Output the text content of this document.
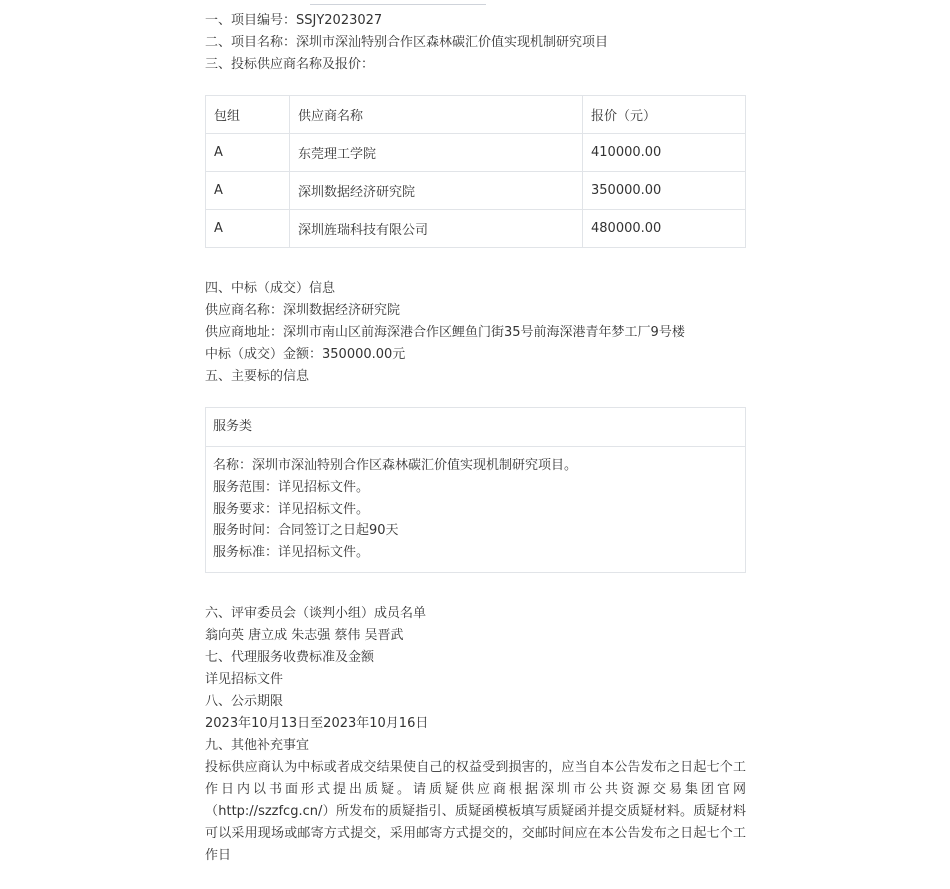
一、项目编号：SSJY2023027
二、项目名称：深圳市深汕特别合作区森林碳汇价值实现机制研究项目
三、投标供应商名称及报价：
包组	供应商名称	报价（元）
A	东莞理工学院	410000.00
A	深圳数据经济研究院	350000.00
A	深圳旌瑞科技有限公司	480000.00
四、中标（成交）信息
供应商名称：深圳数据经济研究院
供应商地址：深圳市南山区前海深港合作区鲤鱼门街35号前海深港青年梦工厂9号楼
中标（成交）金额：350000.00元
五、主要标的信息
服务类
名称：深圳市深汕特别合作区森林碳汇价值实现机制研究项目。
服务范围：详见招标文件。
服务要求：详见招标文件。
服务时间：合同签订之日起90天
服务标准：详见招标文件。
六、评审委员会（谈判小组）成员名单
翁向英 唐立成 朱志强 蔡伟 吴晋武
七、代理服务收费标准及金额
详见招标文件
八、公示期限
2023年10月13日至2023年10月16日
九、其他补充事宜
投标供应商认为中标或者成交结果使自己的权益受到损害的，应当自本公告发布之日起七个工作日内以书面形式提出质疑。请质疑供应商根据深圳市公共资源交易集团官网（http://szzfcg.cn/）所发布的质疑指引、质疑函模板填写质疑函并提交质疑材料。质疑材料可以采用现场或邮寄方式提交，采用邮寄方式提交的，交邮时间应在本公告发布之日起七个工作日
